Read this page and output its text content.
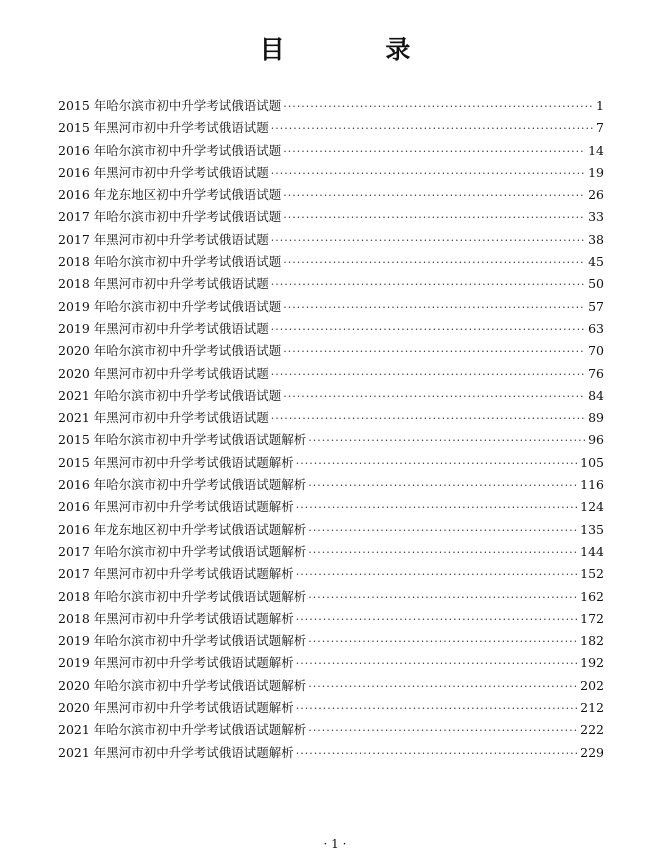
目 录
2015 年哈尔滨市初中升学考试俄语试题 ·····	1
2015 年黑河市初中升学考试俄语试题 ·····	7
2016 年哈尔滨市初中升学考试俄语试题 ·····	14
2016 年黑河市初中升学考试俄语试题 ·····	19
2016 年龙东地区初中升学考试俄语试题 ·····	26
2017 年哈尔滨市初中升学考试俄语试题 ·····	33
2017 年黑河市初中升学考试俄语试题 ·····	38
2018 年哈尔滨市初中升学考试俄语试题 ·····	45
2018 年黑河市初中升学考试俄语试题 ·····	50
2019 年哈尔滨市初中升学考试俄语试题 ·····	57
2019 年黑河市初中升学考试俄语试题 ·····	63
2020 年哈尔滨市初中升学考试俄语试题 ·····	70
2020 年黑河市初中升学考试俄语试题 ·····	76
2021 年哈尔滨市初中升学考试俄语试题 ·····	84
2021 年黑河市初中升学考试俄语试题 ·····	89
2015 年哈尔滨市初中升学考试俄语试题解析 ·····	96
2015 年黑河市初中升学考试俄语试题解析 ·····	105
2016 年哈尔滨市初中升学考试俄语试题解析 ·····	116
2016 年黑河市初中升学考试俄语试题解析 ·····	124
2016 年龙东地区初中升学考试俄语试题解析 ·····	135
2017 年哈尔滨市初中升学考试俄语试题解析 ·····	144
2017 年黑河市初中升学考试俄语试题解析 ·····	152
2018 年哈尔滨市初中升学考试俄语试题解析 ·····	162
2018 年黑河市初中升学考试俄语试题解析 ·····	172
2019 年哈尔滨市初中升学考试俄语试题解析 ·····	182
2019 年黑河市初中升学考试俄语试题解析 ·····	192
2020 年哈尔滨市初中升学考试俄语试题解析 ·····	202
2020 年黑河市初中升学考试俄语试题解析 ·····	212
2021 年哈尔滨市初中升学考试俄语试题解析 ·····	222
2021 年黑河市初中升学考试俄语试题解析 ·····	229
· 1 ·
